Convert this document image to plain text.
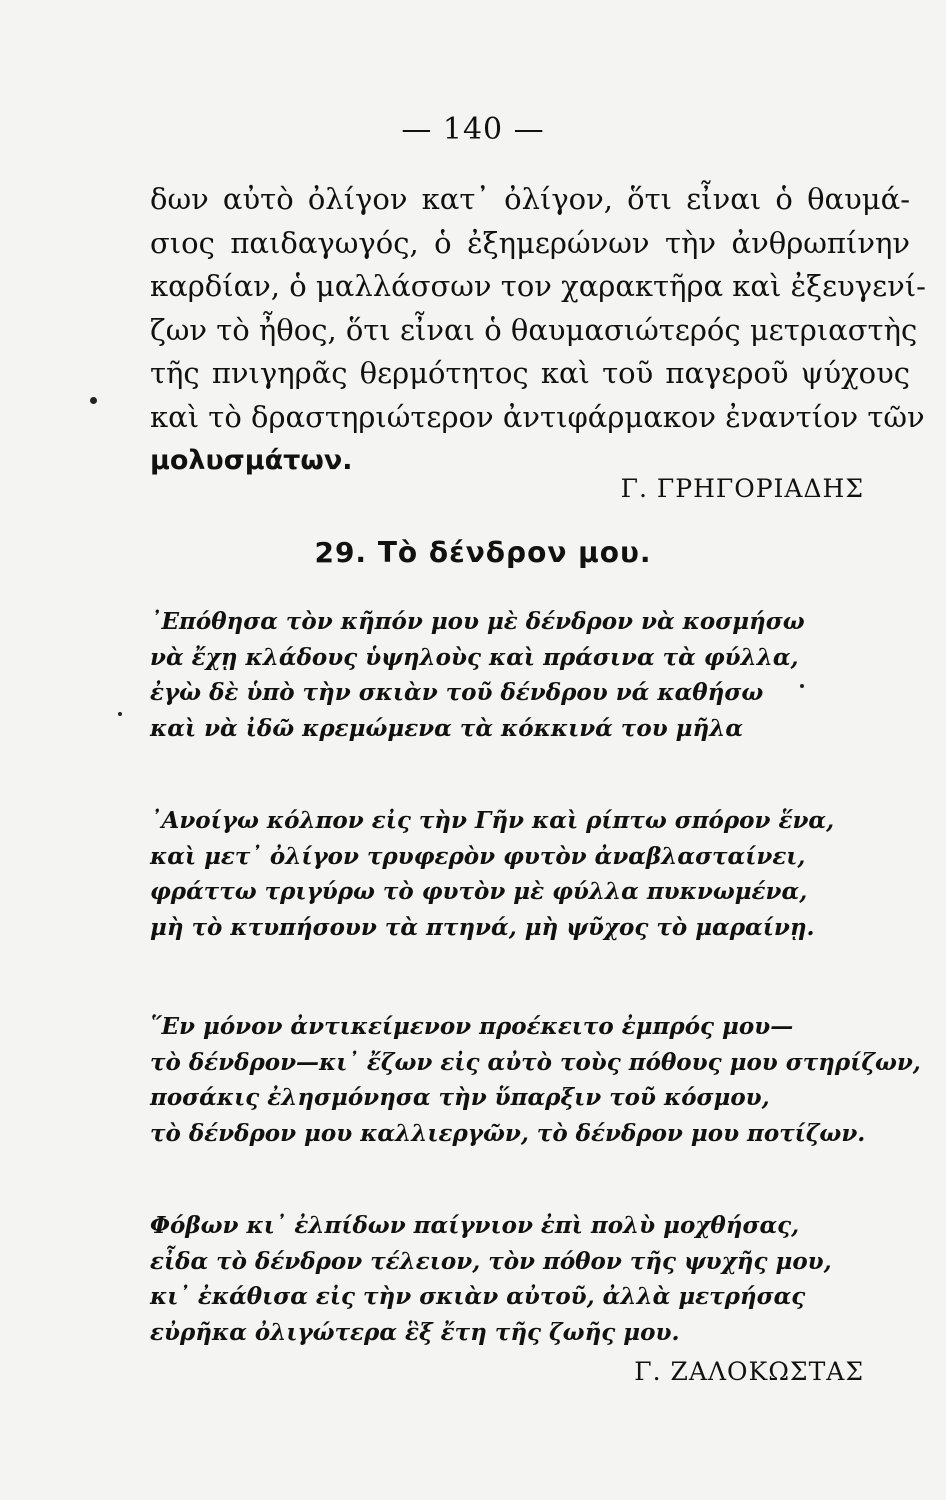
— 140 —
δων αὐτὸ ὀλίγον κατ᾽ ὀλίγον, ὅτι εἶναι ὁ θαυμά-
σιος παιδαγωγός, ὁ ἐξημερώνων τὴν ἀνθρωπίνην
καρδίαν, ὁ μαλλάσσων τον χαρακτῆρα καὶ ἐξευγενί-
ζων τὸ ἦθος, ὅτι εἶναι ὁ θαυμασιώτερός μετριαστὴς
τῆς πνιγηρᾶς θερμότητος καὶ τοῦ παγεροῦ ψύχους
καὶ τὸ δραστηριώτερον ἀντιφάρμακον ἐναντίον τῶν
μολυσμάτων.
Γ. ΓΡΗΓΟΡΙΑΔΗΣ
29. Τὸ δένδρον μου.
᾽Επόθησα τὸν κῆπόν μου μὲ δένδρον νὰ κοσμήσω
νὰ ἔχῃ κλάδους ὑψηλοὺς καὶ πράσινα τὰ φύλλα,
ἐγὼ δὲ ὑπὸ τὴν σκιὰν τοῦ δένδρου νά καθήσω
καὶ νὰ ἰδῶ κρεμώμενα τὰ κόκκινά του μῆλα
᾽Ανοίγω κόλπον εἰς τὴν Γῆν καὶ ρίπτω σπόρον ἕνα,
καὶ μετ᾽ ὀλίγον τρυφερὸν φυτὸν ἀναβλασταίνει,
φράττω τριγύρω τὸ φυτὸν μὲ φύλλα πυκνωμένα,
μὴ τὸ κτυπήσουν τὰ πτηνά, μὴ ψῦχος τὸ μαραίνῃ.
῞Εν μόνον ἀντικείμενον προέκειτο ἐμπρός μου—
τὸ δένδρον—κι᾽ ἔζων εἰς αὐτὸ τοὺς πόθους μου στηρίζων,
ποσάκις ἐλησμόνησα τὴν ὕπαρξιν τοῦ κόσμου,
τὸ δένδρον μου καλλιεργῶν, τὸ δένδρον μου ποτίζων.
Φόβων κι᾽ ἐλπίδων παίγνιον ἐπὶ πολὺ μοχθήσας,
εἶδα τὸ δένδρον τέλειον, τὸν πόθον τῆς ψυχῆς μου,
κι᾽ ἐκάθισα εἰς τὴν σκιὰν αὐτοῦ, ἀλλὰ μετρήσας
εὐρῆκα ὀλιγώτερα ἓξ ἔτη τῆς ζωῆς μου.
Γ. ΖΑΛΟΚΩΣΤΑΣ
